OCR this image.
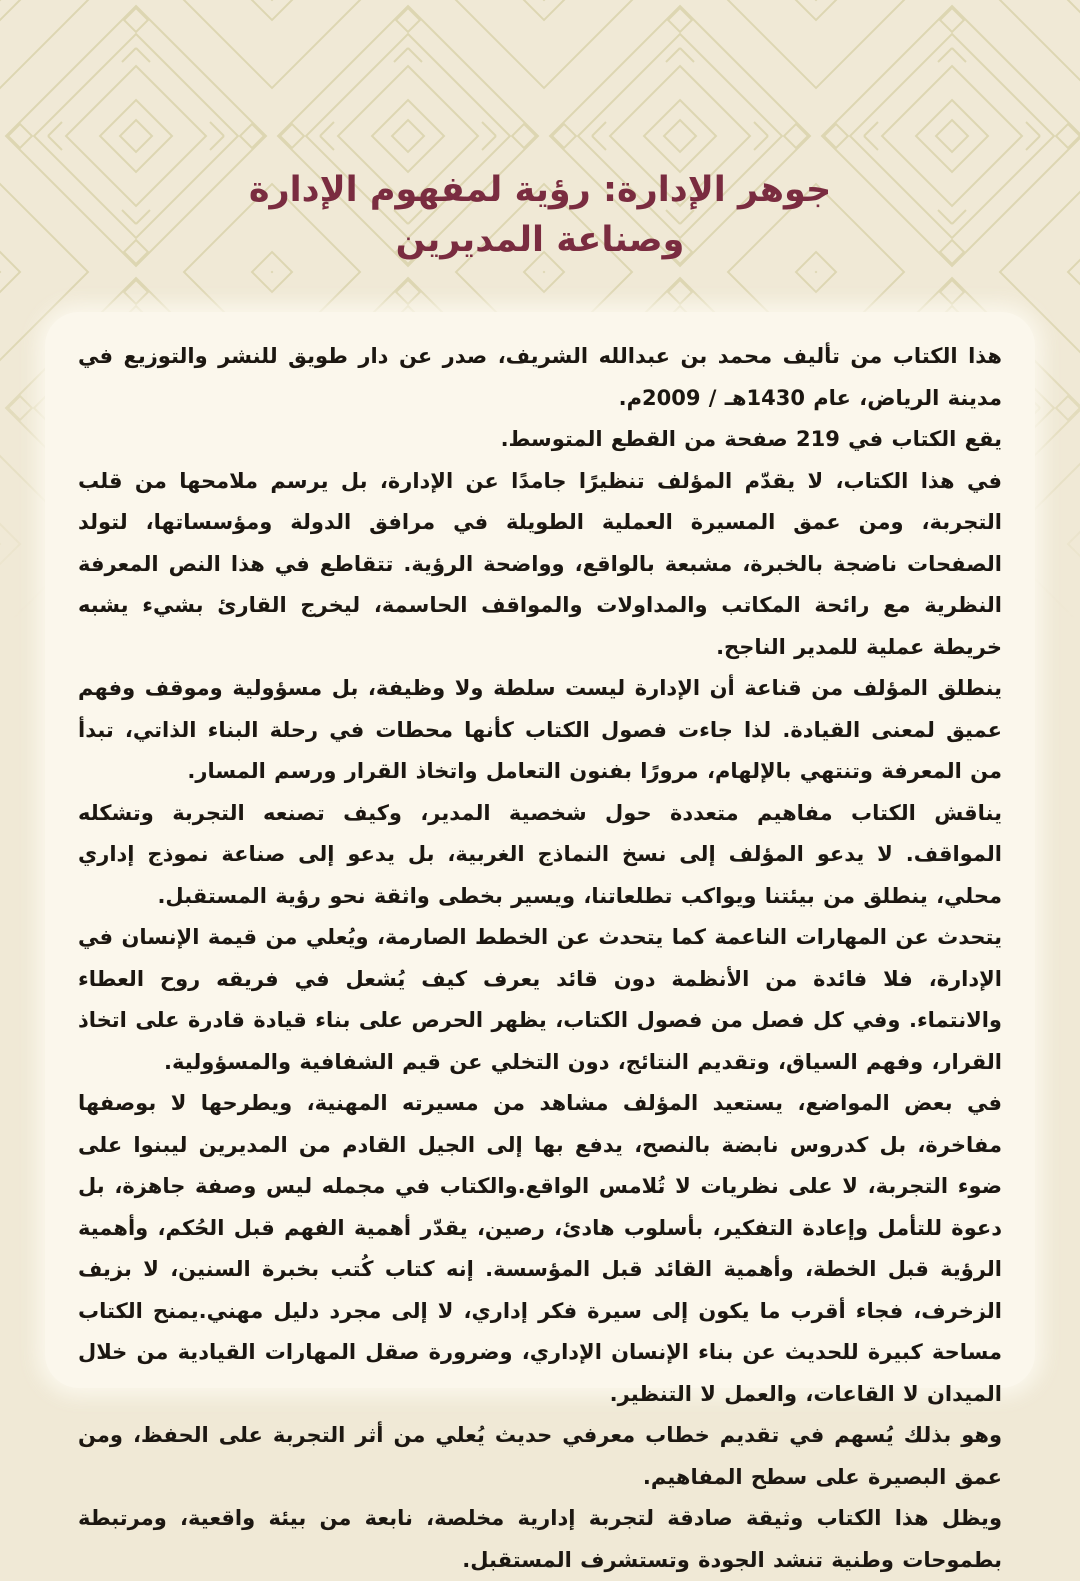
جوهر الإدارة: رؤية لمفهوم الإدارة
وصناعة المديرين

هذا الكتاب من تأليف محمد بن عبدالله الشريف، صدر عن دار طويق للنشر والتوزيع في مدينة الرياض، عام 1430هـ / 2009م.

يقع الكتاب في 219 صفحة من القطع المتوسط.

في هذا الكتاب، لا يقدّم المؤلف تنظيرًا جامدًا عن الإدارة، بل يرسم ملامحها من قلب التجربة، ومن عمق المسيرة العملية الطويلة في مرافق الدولة ومؤسساتها، لتولد الصفحات ناضجة بالخبرة، مشبعة بالواقع، وواضحة الرؤية. تتقاطع في هذا النص المعرفة النظرية مع رائحة المكاتب والمداولات والمواقف الحاسمة، ليخرج القارئ بشيء يشبه خريطة عملية للمدير الناجح.

ينطلق المؤلف من قناعة أن الإدارة ليست سلطة ولا وظيفة، بل مسؤولية وموقف وفهم عميق لمعنى القيادة. لذا جاءت فصول الكتاب كأنها محطات في رحلة البناء الذاتي، تبدأ من المعرفة وتنتهي بالإلهام، مرورًا بفنون التعامل واتخاذ القرار ورسم المسار.

يناقش الكتاب مفاهيم متعددة حول شخصية المدير، وكيف تصنعه التجربة وتشكله المواقف. لا يدعو المؤلف إلى نسخ النماذج الغربية، بل يدعو إلى صناعة نموذج إداري محلي، ينطلق من بيئتنا ويواكب تطلعاتنا، ويسير بخطى واثقة نحو رؤية المستقبل.

يتحدث عن المهارات الناعمة كما يتحدث عن الخطط الصارمة، ويُعلي من قيمة الإنسان في الإدارة، فلا فائدة من الأنظمة دون قائد يعرف كيف يُشعل في فريقه روح العطاء والانتماء. وفي كل فصل من فصول الكتاب، يظهر الحرص على بناء قيادة قادرة على اتخاذ القرار، وفهم السياق، وتقديم النتائج، دون التخلي عن قيم الشفافية والمسؤولية.

في بعض المواضع، يستعيد المؤلف مشاهد من مسيرته المهنية، ويطرحها لا بوصفها مفاخرة، بل كدروس نابضة بالنصح، يدفع بها إلى الجيل القادم من المديرين ليبنوا على ضوء التجربة، لا على نظريات لا تُلامس الواقع.والكتاب في مجمله ليس وصفة جاهزة، بل دعوة للتأمل وإعادة التفكير، بأسلوب هادئ، رصين، يقدّر أهمية الفهم قبل الحُكم، وأهمية الرؤية قبل الخطة، وأهمية القائد قبل المؤسسة. إنه كتاب كُتب بخبرة السنين، لا بزيف الزخرف، فجاء أقرب ما يكون إلى سيرة فكر إداري، لا إلى مجرد دليل مهني.يمنح الكتاب مساحة كبيرة للحديث عن بناء الإنسان الإداري، وضرورة صقل المهارات القيادية من خلال الميدان لا القاعات، والعمل لا التنظير.

وهو بذلك يُسهم في تقديم خطاب معرفي حديث يُعلي من أثر التجربة على الحفظ، ومن عمق البصيرة على سطح المفاهيم.

ويظل هذا الكتاب وثيقة صادقة لتجربة إدارية مخلصة، نابعة من بيئة واقعية، ومرتبطة بطموحات وطنية تنشد الجودة وتستشرف المستقبل.
